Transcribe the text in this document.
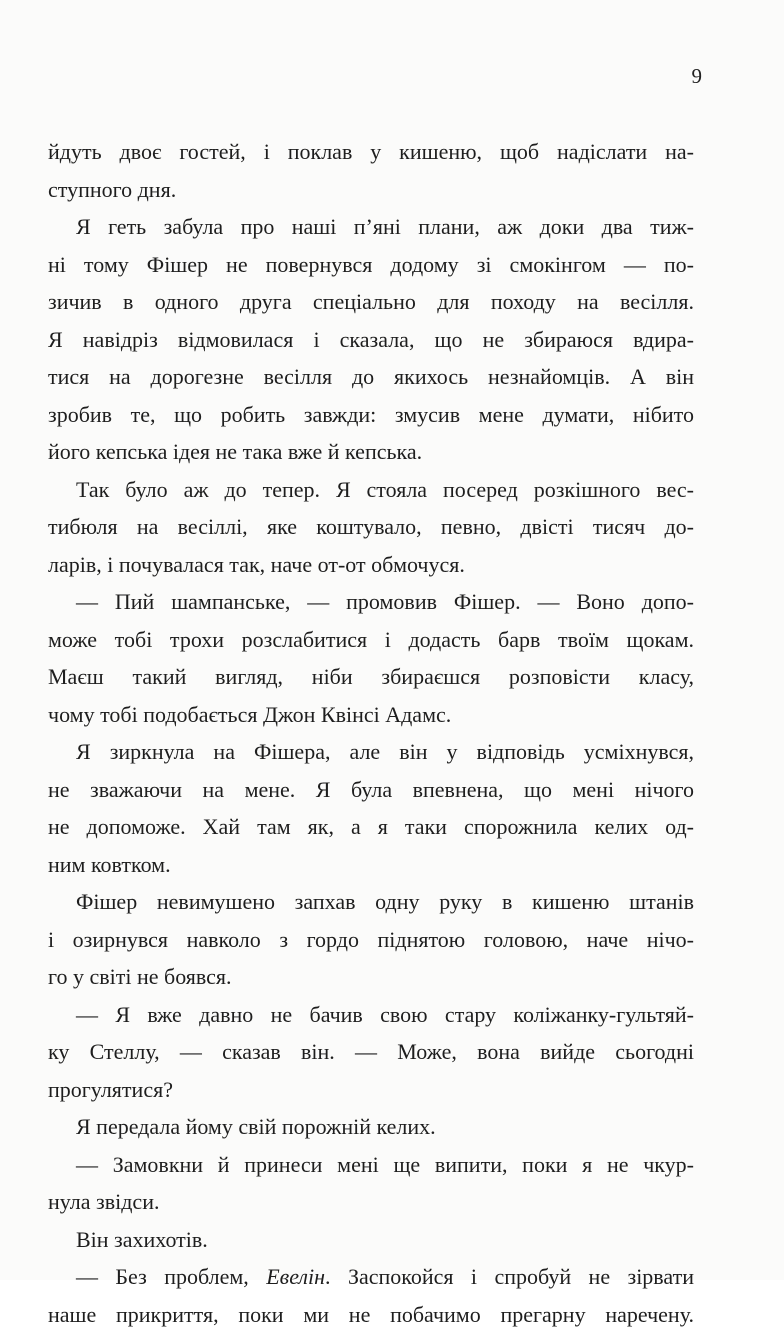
9
йдуть двоє гостей, і поклав у кишеню, щоб надіслати на-
ступного дня.
Я геть забула про наші п’яні плани, аж доки два тиж-
ні тому Фішер не повернувся додому зі смокінгом — по-
зичив в одного друга спеціально для походу на весілля.
Я навідріз відмовилася і сказала, що не збираюся вдира-
тися на дорогезне весілля до якихось незнайомців. А він
зробив те, що робить завжди: змусив мене думати, нібито
його кепська ідея не така вже й кепська.
Так було аж до тепер. Я стояла посеред розкішного вес-
тибюля на весіллі, яке коштувало, певно, двісті тисяч до-
ларів, і почувалася так, наче от-от обмочуся.
— Пий шампанське, — промовив Фішер. — Воно допо-
може тобі трохи розслабитися і додасть барв твоїм щокам.
Маєш такий вигляд, ніби збираєшся розповісти класу,
чому тобі подобається Джон Квінсі Адамс.
Я зиркнула на Фішера, але він у відповідь усміхнувся,
не зважаючи на мене. Я була впевнена, що мені нічого
не допоможе. Хай там як, а я таки спорожнила келих од-
ним ковтком.
Фішер невимушено запхав одну руку в кишеню штанів
і озирнувся навколо з гордо піднятою головою, наче нічо-
го у світі не боявся.
— Я вже давно не бачив свою стару коліжанку-гультяй-
ку Стеллу, — сказав він. — Може, вона вийде сьогодні
прогулятися?
Я передала йому свій порожній келих.
— Замовкни й принеси мені ще випити, поки я не чкур-
нула звідси.
Він захихотів.
— Без проблем, Евелін. Заспокойся і спробуй не зірвати
наше прикриття, поки ми не побачимо прегарну наречену.
